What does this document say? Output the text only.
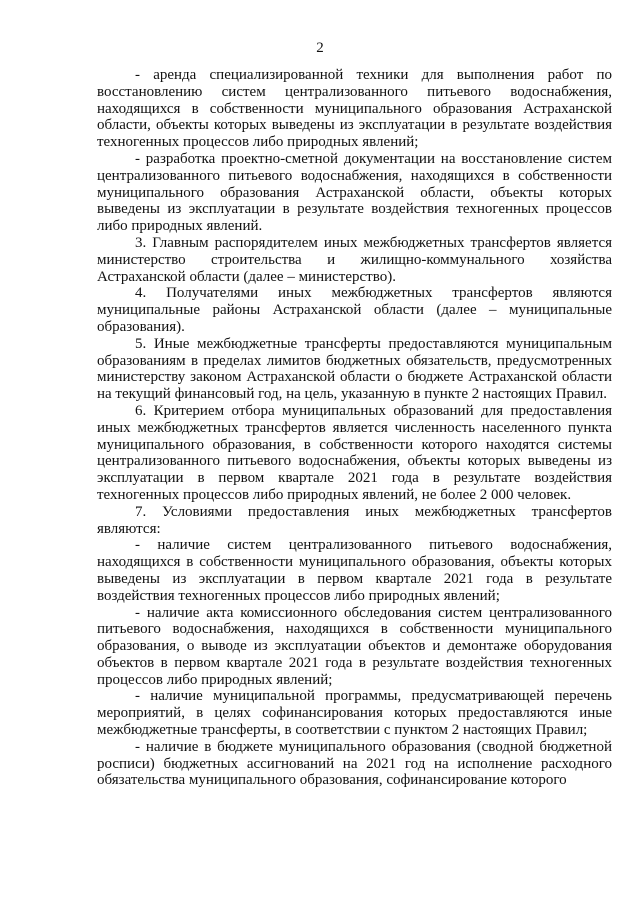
2

- аренда специализированной техники для выполнения работ по восстановлению систем централизованного питьевого водоснабжения, находящихся в собственности муниципального образования Астраханской области, объекты которых выведены из эксплуатации в результате воздействия техногенных процессов либо природных явлений;

- разработка проектно-сметной документации на восстановление систем централизованного питьевого водоснабжения, находящихся в собственности муниципального образования Астраханской области, объекты которых выведены из эксплуатации в результате воздействия техногенных процессов либо природных явлений.

3. Главным распорядителем иных межбюджетных трансфертов является министерство строительства и жилищно-коммунального хозяйства Астраханской области (далее – министерство).

4. Получателями иных межбюджетных трансфертов являются муниципальные районы Астраханской области (далее – муниципальные образования).

5. Иные межбюджетные трансферты предоставляются муниципальным образованиям в пределах лимитов бюджетных обязательств, предусмотренных министерству законом Астраханской области о бюджете Астраханской области на текущий финансовый год, на цель, указанную в пункте 2 настоящих Правил.

6. Критерием отбора муниципальных образований для предоставления иных межбюджетных трансфертов является численность населенного пункта муниципального образования, в собственности которого находятся системы централизованного питьевого водоснабжения, объекты которых выведены из эксплуатации в первом квартале 2021 года в результате воздействия техногенных процессов либо природных явлений, не более 2 000 человек.

7. Условиями предоставления иных межбюджетных трансфертов являются:

- наличие систем централизованного питьевого водоснабжения, находящихся в собственности муниципального образования, объекты которых выведены из эксплуатации в первом квартале 2021 года в результате воздействия техногенных процессов либо природных явлений;

- наличие акта комиссионного обследования систем централизованного питьевого водоснабжения, находящихся в собственности муниципального образования, о выводе из эксплуатации объектов и демонтаже оборудования объектов в первом квартале 2021 года в результате воздействия техногенных процессов либо природных явлений;

- наличие муниципальной программы, предусматривающей перечень мероприятий, в целях софинансирования которых предоставляются иные межбюджетные трансферты, в соответствии с пунктом 2 настоящих Правил;

- наличие в бюджете муниципального образования (сводной бюджетной росписи) бюджетных ассигнований на 2021 год на исполнение расходного обязательства муниципального образования, софинансирование которого
